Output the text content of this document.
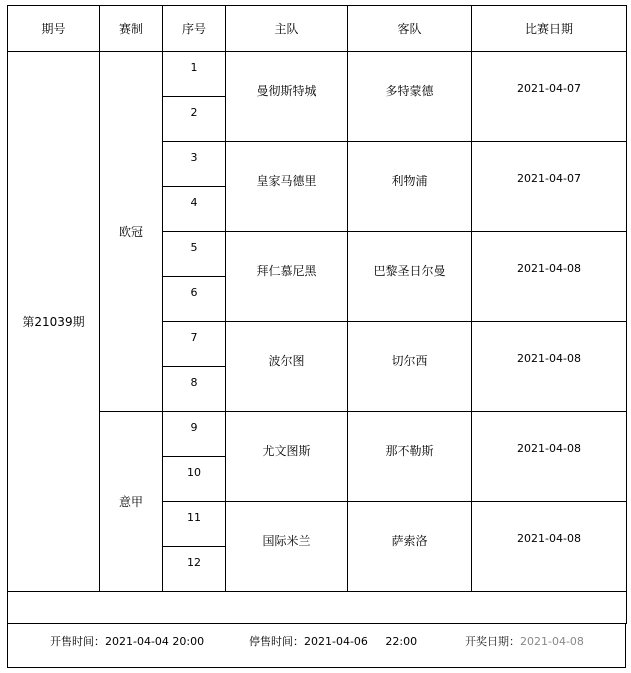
期号	赛制	序号	主队	客队	比赛日期
第21039期	欧冠	1	曼彻斯特城	多特蒙德	2021-04-07
		2			
		3	皇家马德里	利物浦	2021-04-07
		4			
		5	拜仁慕尼黑	巴黎圣日尔曼	2021-04-08
		6			
		7	波尔图	切尔西	2021-04-08
		8			
	意甲	9	尤文图斯	那不勒斯	2021-04-08
		10			
		11	国际米兰	萨索洛	2021-04-08
		12			

开售时间：2021-04-04 20:00	停售时间：2021-04-06     22:00	开奖日期：2021-04-08
